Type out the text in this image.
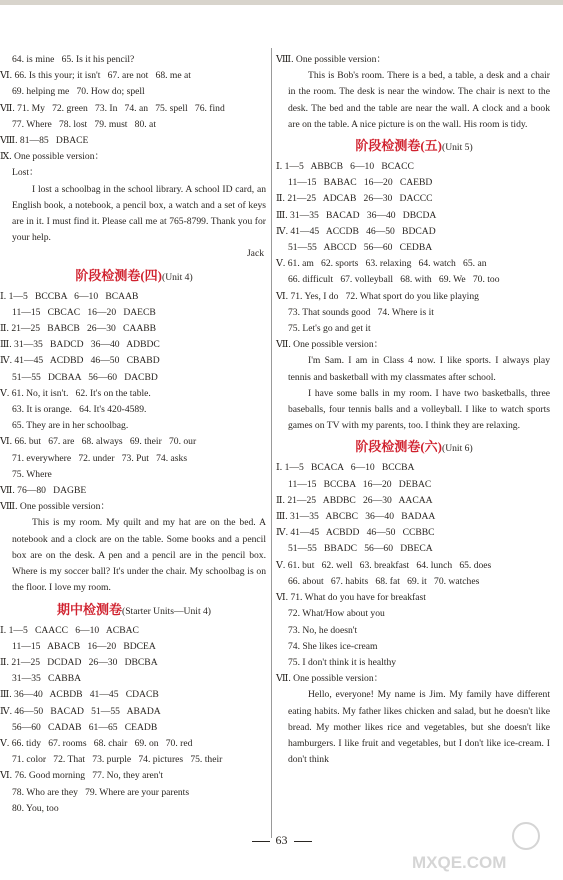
64. is mine   65. Is it his pencil?
Ⅵ. 66. Is this your; it isn't   67. are not   68. me at
69. helping me   70. How do; spell
Ⅶ. 71. My   72. green   73. In   74. an   75. spell   76. find
77. Where   78. lost   79. must   80. at
Ⅷ. 81—85   DBACE
Ⅸ. One possible version：
Lost：
I lost a schoolbag in the school library. A school ID card, an English book, a notebook, a pencil box, a watch and a set of keys are in it. I must find it. Please call me at 765-8799. Thank you for your help.
Jack
阶段检测卷(四)(Unit 4)
Ⅰ. 1—5   BCCBA   6—10   BCAAB
11—15   CBCAC   16—20   DAECB
Ⅱ. 21—25   BABCB   26—30   CAABB
Ⅲ. 31—35   BADCD   36—40   ADBDC
Ⅳ. 41—45   ACDBD   46—50   CBABD
51—55   DCBAA   56—60   DACBD
Ⅴ. 61. No, it isn't.   62. It's on the table.
63. It is orange.   64. It's 420-4589.
65. They are in her schoolbag.
Ⅵ. 66. but   67. are   68. always   69. their   70. our
71. everywhere   72. under   73. Put   74. asks
75. Where
Ⅶ. 76—80   DAGBE
Ⅷ. One possible version：
This is my room. My quilt and my hat are on the bed. A notebook and a clock are on the table. Some books and a pencil box are on the desk. A pen and a pencil are in the pencil box. Where is my soccer ball? It's under the chair. My schoolbag is on the floor. I love my room.
期中检测卷(Starter Units—Unit 4)
Ⅰ. 1—5   CAACC   6—10   ACBAC
11—15   ABACB   16—20   BDCEA
Ⅱ. 21—25   DCDAD   26—30   DBCBA
31—35   CABBA
Ⅲ. 36—40   ACBDB   41—45   CDACB
Ⅳ. 46—50   BACAD   51—55   ABADA
56—60   CADAB   61—65   CEADB
Ⅴ. 66. tidy   67. rooms   68. chair   69. on   70. red
71. color   72. That   73. purple   74. pictures   75. their
Ⅵ. 76. Good morning   77. No, they aren't
78. Who are they   79. Where are your parents
80. You, too
Ⅷ. One possible version：
This is Bob's room. There is a bed, a table, a desk and a chair in the room. The desk is near the window. The chair is next to the desk. The bed and the table are near the wall. A clock and a book are on the table. A nice picture is on the wall. His room is tidy.
阶段检测卷(五)(Unit 5)
Ⅰ. 1—5   ABBCB   6—10   BCACC
11—15   BABAC   16—20   CAEBD
Ⅱ. 21—25   ADCAB   26—30   DACCC
Ⅲ. 31—35   BACAD   36—40   DBCDA
Ⅳ. 41—45   ACCDB   46—50   BDCAD
51—55   ABCCD   56—60   CEDBA
Ⅴ. 61. am   62. sports   63. relaxing   64. watch   65. an
66. difficult   67. volleyball   68. with   69. We   70. too
Ⅵ. 71. Yes, I do   72. What sport do you like playing
73. That sounds good   74. Where is it
75. Let's go and get it
Ⅶ. One possible version：
I'm Sam. I am in Class 4 now. I like sports. I always play tennis and basketball with my classmates after school.
I have some balls in my room. I have two basketballs, three baseballs, four tennis balls and a volleyball. I like to watch sports games on TV with my parents, too. I think they are relaxing.
阶段检测卷(六)(Unit 6)
Ⅰ. 1—5   BCACA   6—10   BCCBA
11—15   BCCBA   16—20   DEBAC
Ⅱ. 21—25   ABDBC   26—30   AACAA
Ⅲ. 31—35   ABCBC   36—40   BADAA
Ⅳ. 41—45   ACBDD   46—50   CCBBC
51—55   BBADC   56—60   DBECA
Ⅴ. 61. but   62. well   63. breakfast   64. lunch   65. does
66. about   67. habits   68. fat   69. it   70. watches
Ⅵ. 71. What do you have for breakfast
72. What/How about you
73. No, he doesn't
74. She likes ice-cream
75. I don't think it is healthy
Ⅶ. One possible version：
Hello, everyone! My name is Jim. My family have different eating habits. My father likes chicken and salad, but he doesn't like bread. My mother likes rice and vegetables, but she doesn't like hamburgers. I like fruit and vegetables, but I don't like ice-cream. I don't think
63
MXQE.COM
